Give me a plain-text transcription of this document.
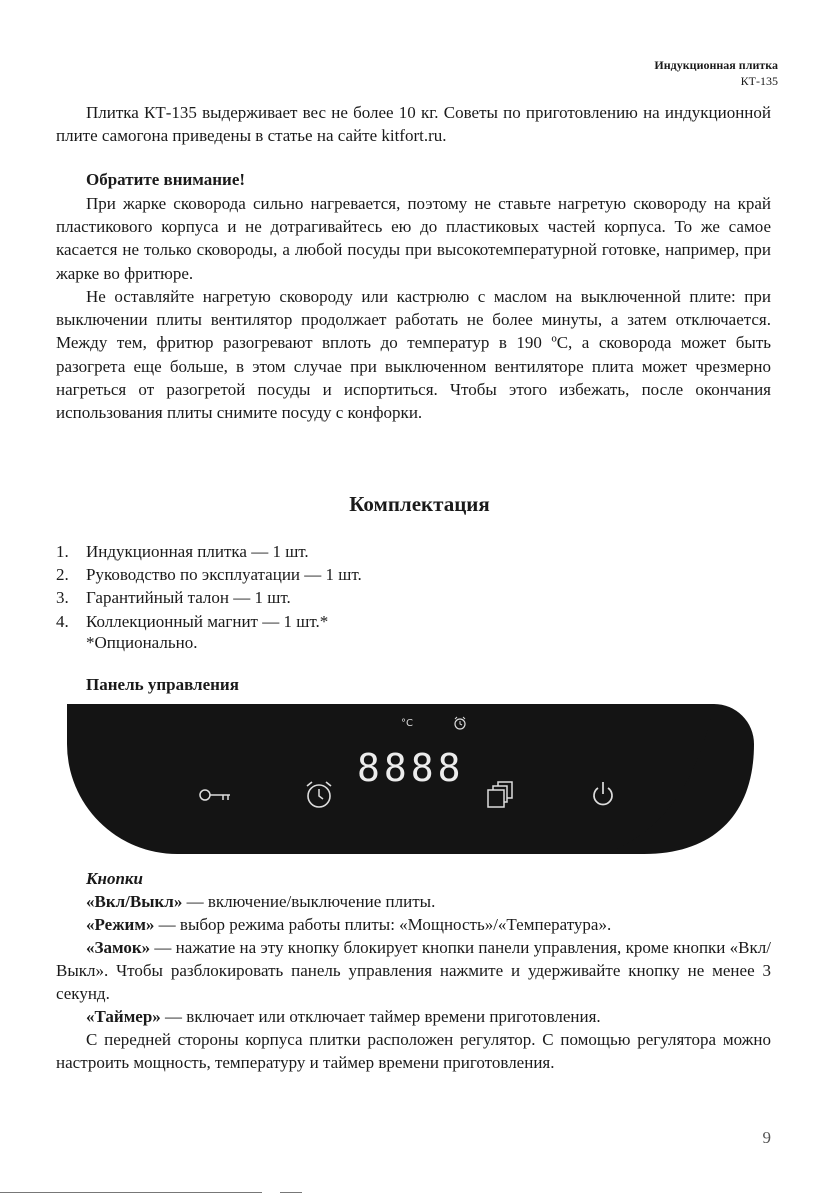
Индукционная плитка
КТ-135

Плитка КТ-135 выдерживает вес не более 10 кг. Советы по приготовлению на индукционной плите самогона приведены в статье на сайте kitfort.ru.

Обратите внимание!

При жарке сковорода сильно нагревается, поэтому не ставьте нагретую сковороду на край пластикового корпуса и не дотрагивайтесь ею до пластиковых частей корпуса. То же самое касается не только сковороды, а любой посуды при высокотемпературной готовке, например, при жарке во фритюре.

Не оставляйте нагретую сковороду или кастрюлю с маслом на выключенной плите: при выключении плиты вентилятор продолжает работать не более минуты, а затем отключается. Между тем, фритюр разогревают вплоть до температур в 190 ºС, а сковорода может быть разогрета еще больше, в этом случае при выключенном вентиляторе плита может чрезмерно нагреться от разогретой посуды и испортиться. Чтобы этого избежать, после окончания использования плиты снимите посуду с конфорки.

Комплектация
1.	Индукционная плитка — 1 шт.
2.	Руководство по эксплуатации — 1 шт.
3.	Гарантийный талон — 1 шт.
4.	Коллекционный магнит — 1 шт.*
*Опционально.

Панель управления

°C
8888
Кнопки

«Вкл/Выкл» — включение/выключение плиты.

«Режим» — выбор режима работы плиты: «Мощность»/«Температура».

«Замок» — нажатие на эту кнопку блокирует кнопки панели управления, кроме кнопки «Вкл/Выкл». Чтобы разблокировать панель управления нажмите и удерживайте кнопку не менее 3 секунд.

«Таймер» — включает или отключает таймер времени приготовления.

С передней стороны корпуса плитки расположен регулятор. С помощью регулятора можно настроить мощность, температуру и таймер времени приготовления.

9
